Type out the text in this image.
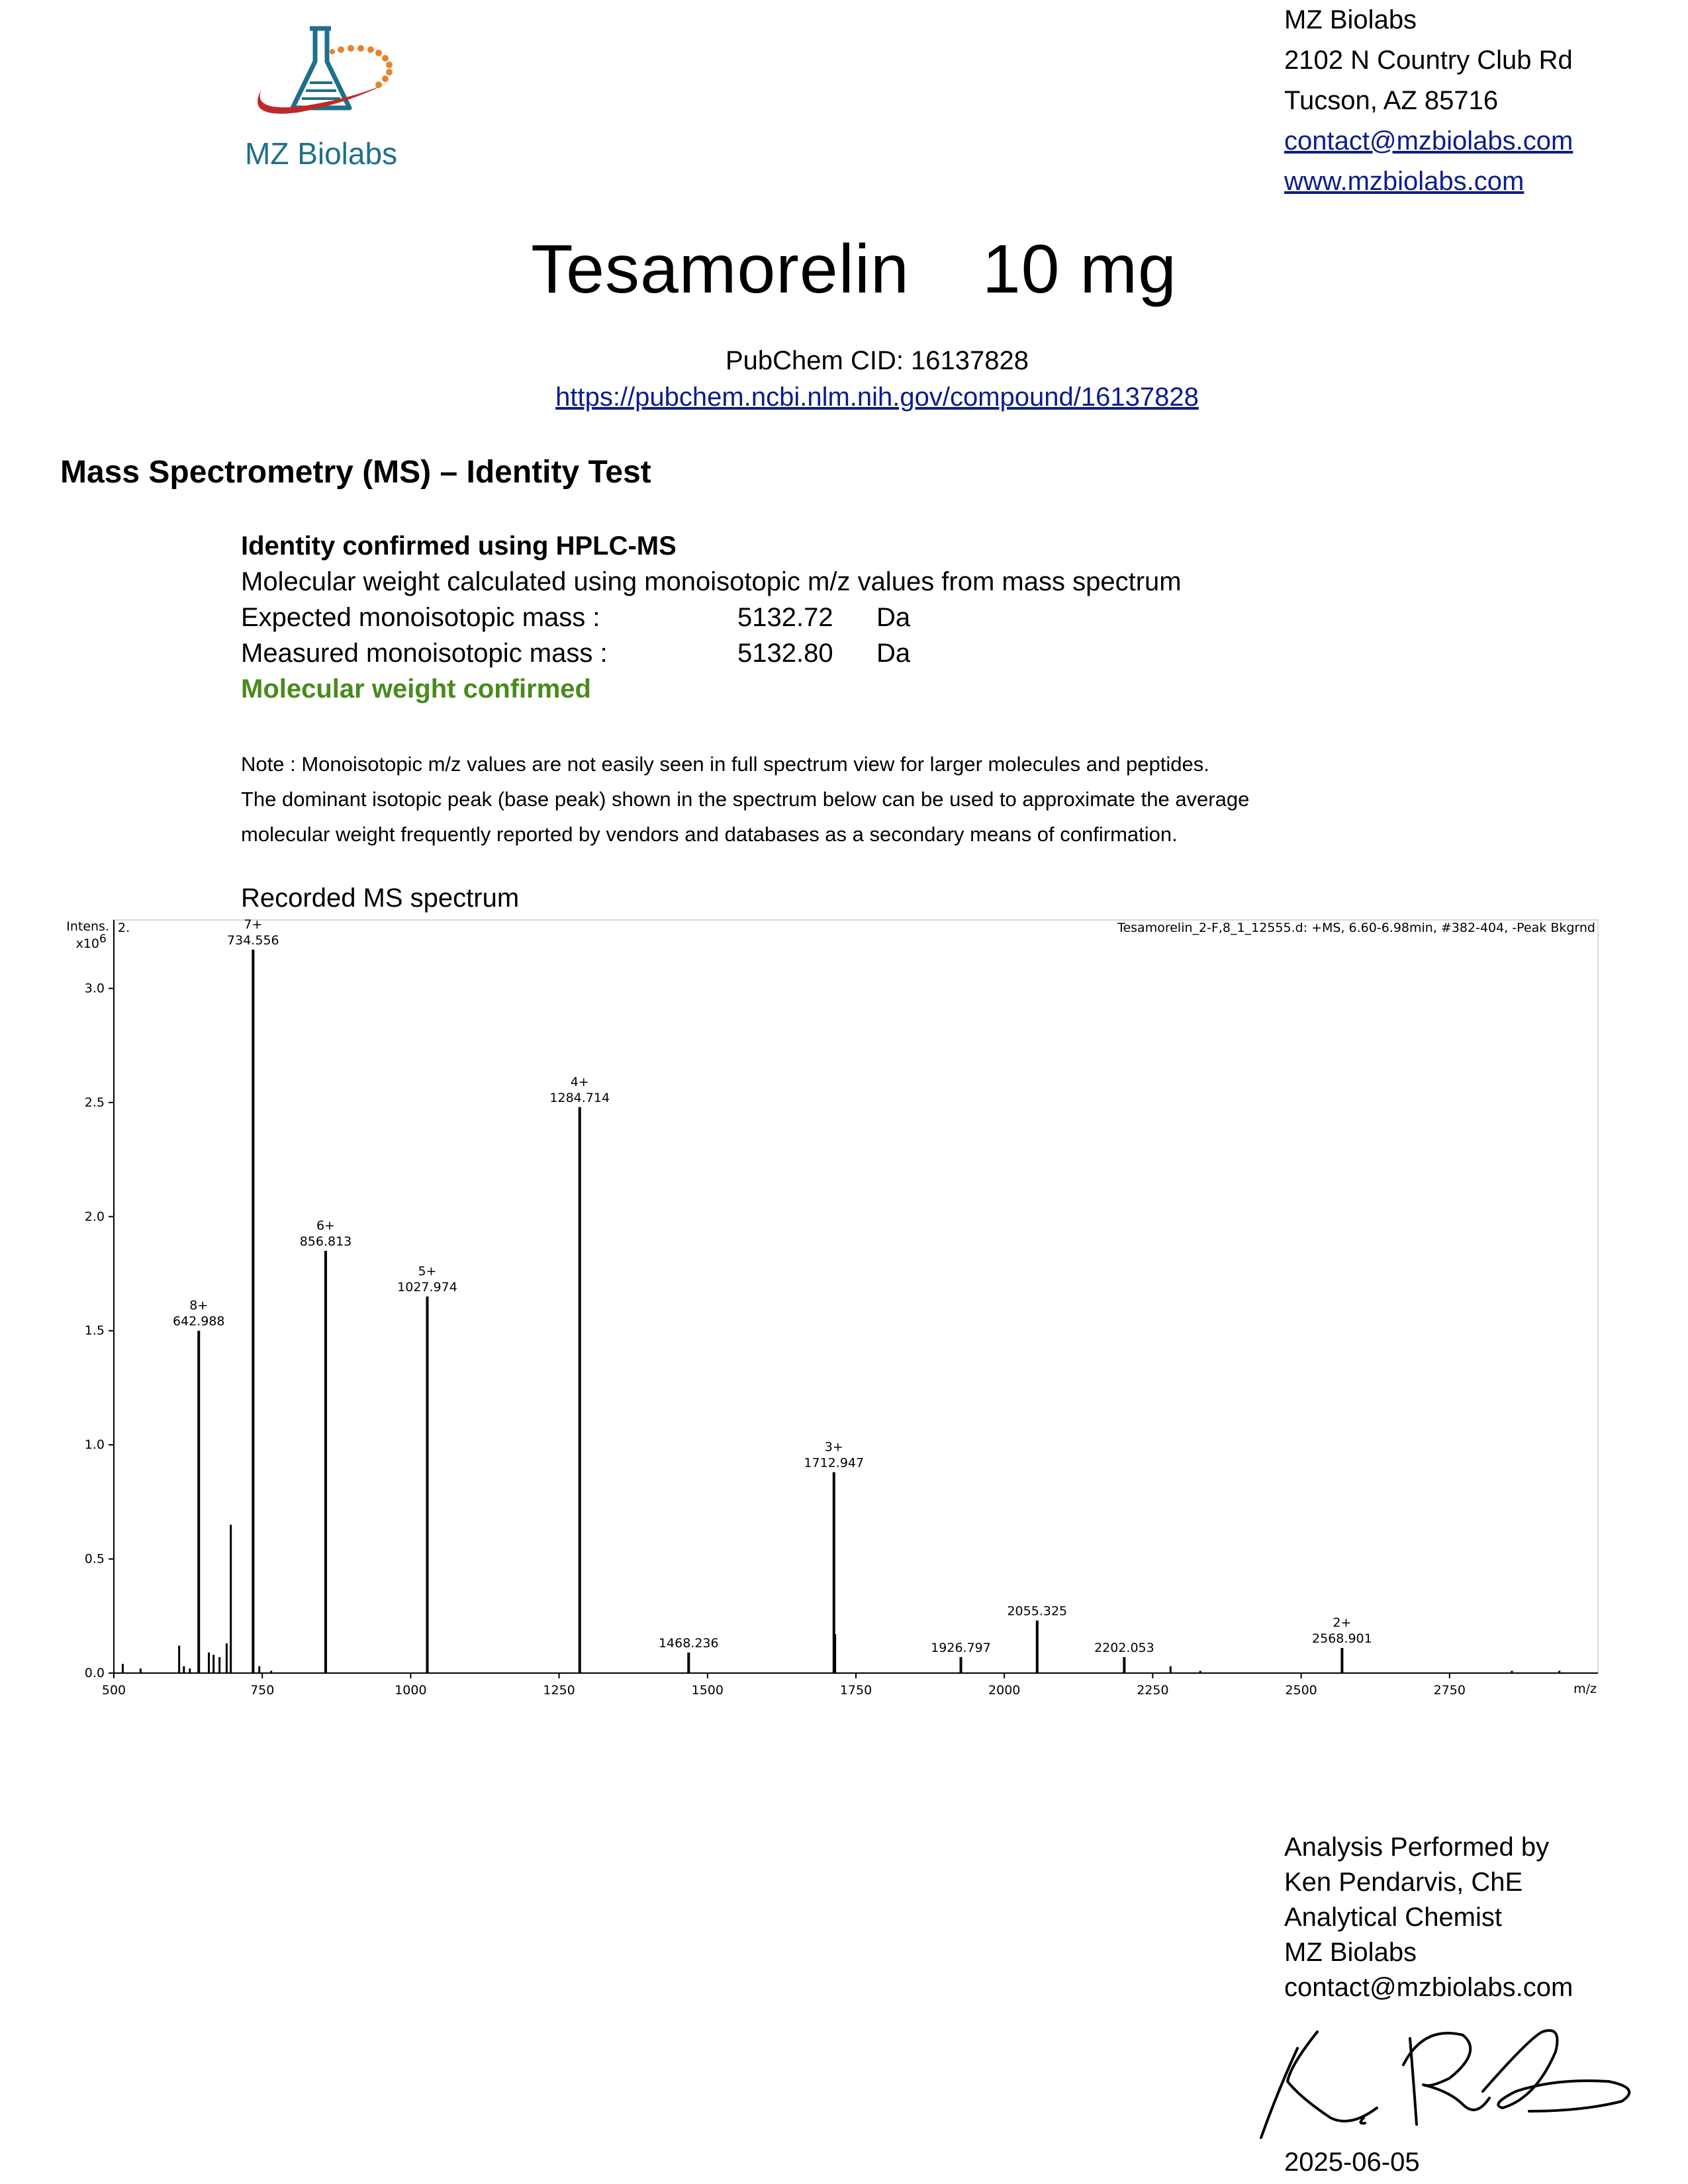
MZ Biolabs
MZ Biolabs
2102 N Country Club Rd
Tucson, AZ 85716
contact@mzbiolabs.com
www.mzbiolabs.com
Tesamorelin 10 mg
PubChem CID: 16137828
https://pubchem.ncbi.nlm.nih.gov/compound/16137828
Mass Spectrometry (MS) – Identity Test
Identity confirmed using HPLC-MS
Molecular weight calculated using monoisotopic m/z values from mass spectrum
Expected monoisotopic mass :	5132.72 Da
Measured monoisotopic mass :	5132.80 Da
Molecular weight confirmed
Note : Monoisotopic m/z values are not easily seen in full spectrum view for larger molecules and peptides.
The dominant isotopic peak (base peak) shown in the spectrum below can be used to approximate the average
molecular weight frequently reported by vendors and databases as a secondary means of confirmation.
Recorded MS spectrum
Intens.
x10 6
2.	Tesamorelin_2-F,8_1_12555.d: +MS, 6.60-6.98min, #382-404, -Peak Bkgrnd
m/z
500	750	1000	1250	1500	1750	2000	2250	2500	2750
0.0
0.5
1.0
1.5
2.0
2.5
3.0
642.988
8+
734.556
7+
856.813
6+
1027.974
5+
1284.714
4+
1468.236
1712.947
3+
1926.797
2055.325
2202.053
2568.901
2+
Analysis Performed by
Ken Pendarvis, ChE
Analytical Chemist
MZ Biolabs
contact@mzbiolabs.com
2025-06-05
